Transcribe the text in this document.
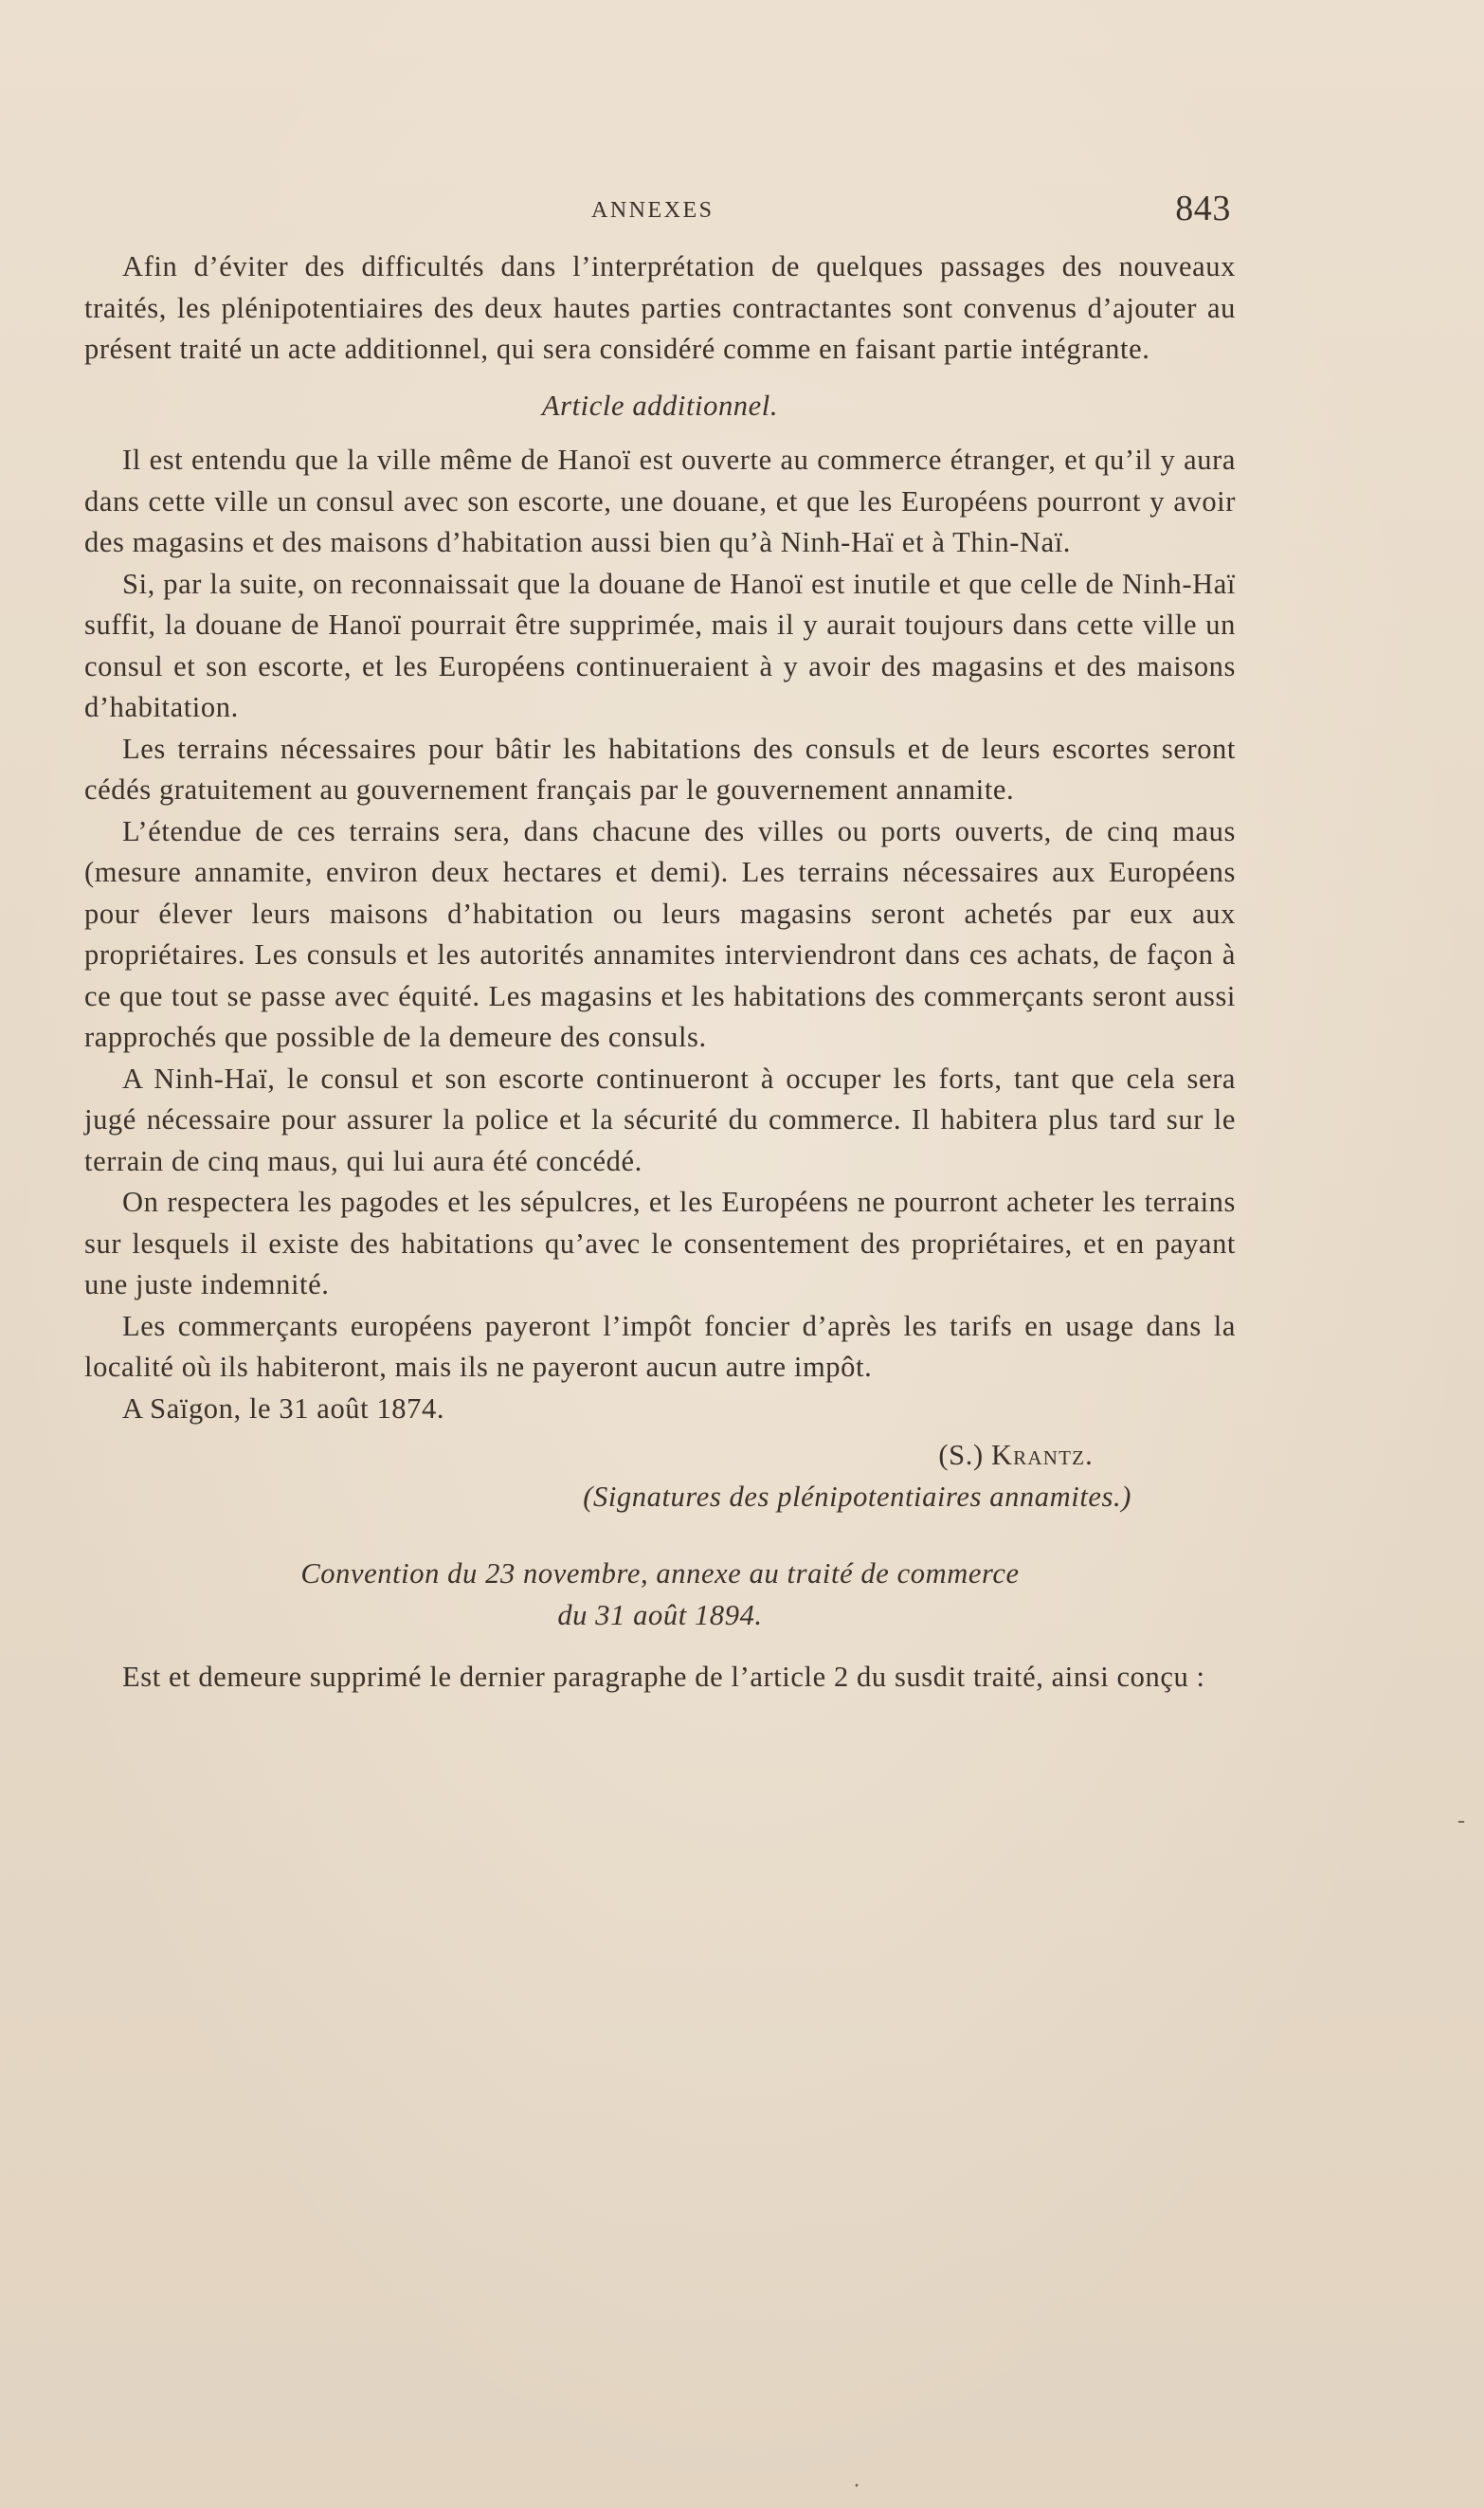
ANNEXES	843

Afin d’éviter des difficultés dans l’interprétation de quelques passages des nouveaux traités, les plénipotentiaires des deux hautes parties contractantes sont convenus d’ajouter au présent traité un acte additionnel, qui sera considéré comme en faisant partie intégrante.

Article additionnel.

Il est entendu que la ville même de Hanoï est ouverte au commerce étranger, et qu’il y aura dans cette ville un consul avec son escorte, une douane, et que les Européens pourront y avoir des magasins et des maisons d’habitation aussi bien qu’à Ninh-Haï et à Thin-Naï.

Si, par la suite, on reconnaissait que la douane de Hanoï est inutile et que celle de Ninh-Haï suffit, la douane de Hanoï pourrait être supprimée, mais il y aurait toujours dans cette ville un consul et son escorte, et les Européens continueraient à y avoir des magasins et des maisons d’habitation.

Les terrains nécessaires pour bâtir les habitations des consuls et de leurs escortes seront cédés gratuitement au gouvernement français par le gouvernement annamite.

L’étendue de ces terrains sera, dans chacune des villes ou ports ouverts, de cinq maus (mesure annamite, environ deux hectares et demi). Les terrains nécessaires aux Européens pour élever leurs maisons d’habitation ou leurs magasins seront achetés par eux aux propriétaires. Les consuls et les autorités annamites interviendront dans ces achats, de façon à ce que tout se passe avec équité. Les magasins et les habitations des commerçants seront aussi rapprochés que possible de la demeure des consuls.

A Ninh-Haï, le consul et son escorte continueront à occuper les forts, tant que cela sera jugé nécessaire pour assurer la police et la sécurité du commerce. Il habitera plus tard sur le terrain de cinq maus, qui lui aura été concédé.

On respectera les pagodes et les sépulcres, et les Européens ne pourront acheter les terrains sur lesquels il existe des habitations qu’avec le consentement des propriétaires, et en payant une juste indemnité.

Les commerçants européens payeront l’impôt foncier d’après les tarifs en usage dans la localité où ils habiteront, mais ils ne payeront aucun autre impôt.

A Saïgon, le 31 août 1874.

(S.) Krantz.

(Signatures des plénipotentiaires annamites.)

Convention du 23 novembre, annexe au traité de commerce
du 31 août 1894.

Est et demeure supprimé le dernier paragraphe de l’article 2 du susdit traité, ainsi conçu :

-
·
